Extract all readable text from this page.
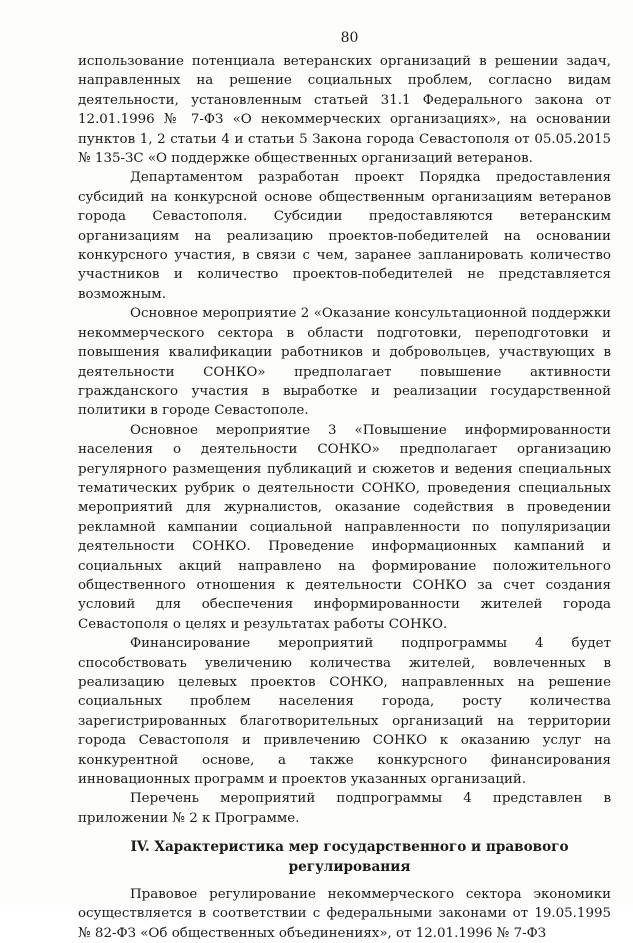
80

использование потенциала ветеранских организаций в решении задач, направленных на решение социальных проблем, согласно видам деятельности, установленным статьей 31.1 Федерального закона от 12.01.1996 № 7-ФЗ «О некоммерческих организациях», на основании пунктов 1, 2 статьи 4 и статьи 5 Закона города Севастополя от 05.05.2015 № 135-ЗС «О поддержке общественных организаций ветеранов.

Департаментом разработан проект Порядка предоставления субсидий на конкурсной основе общественным организациям ветеранов города Севастополя. Субсидии предоставляются ветеранским организациям на реализацию проектов-победителей на основании конкурсного участия, в связи с чем, заранее запланировать количество участников и количество проектов-победителей не представляется возможным.

Основное мероприятие 2 «Оказание консультационной поддержки некоммерческого сектора в области подготовки, переподготовки и повышения квалификации работников и добровольцев, участвующих в деятельности СОНКО» предполагает повышение активности гражданского участия в выработке и реализации государственной политики в городе Севастополе.

Основное мероприятие 3 «Повышение информированности населения о деятельности СОНКО» предполагает организацию регулярного размещения публикаций и сюжетов и ведения специальных тематических рубрик о деятельности СОНКО, проведения специальных мероприятий для журналистов, оказание содействия в проведении рекламной кампании социальной направленности по популяризации деятельности СОНКО. Проведение информационных кампаний и социальных акций направлено на формирование положительного общественного отношения к деятельности СОНКО за счет создания условий для обеспечения информированности жителей города Севастополя о целях и результатах работы СОНКО.

Финансирование мероприятий подпрограммы 4 будет способствовать увеличению количества жителей, вовлеченных в реализацию целевых проектов СОНКО, направленных на решение социальных проблем населения города, росту количества зарегистрированных благотворительных организаций на территории города Севастополя и привлечению СОНКО к оказанию услуг на конкурентной основе, а также конкурсного финансирования инновационных программ и проектов указанных организаций.

Перечень мероприятий подпрограммы 4 представлен в приложении № 2 к Программе.

IV. Характеристика мер государственного и правового
регулирования

Правовое регулирование некоммерческого сектора экономики осуществляется в соответствии с федеральными законами от 19.05.1995 № 82-ФЗ «Об общественных объединениях», от 12.01.1996 № 7-ФЗ
